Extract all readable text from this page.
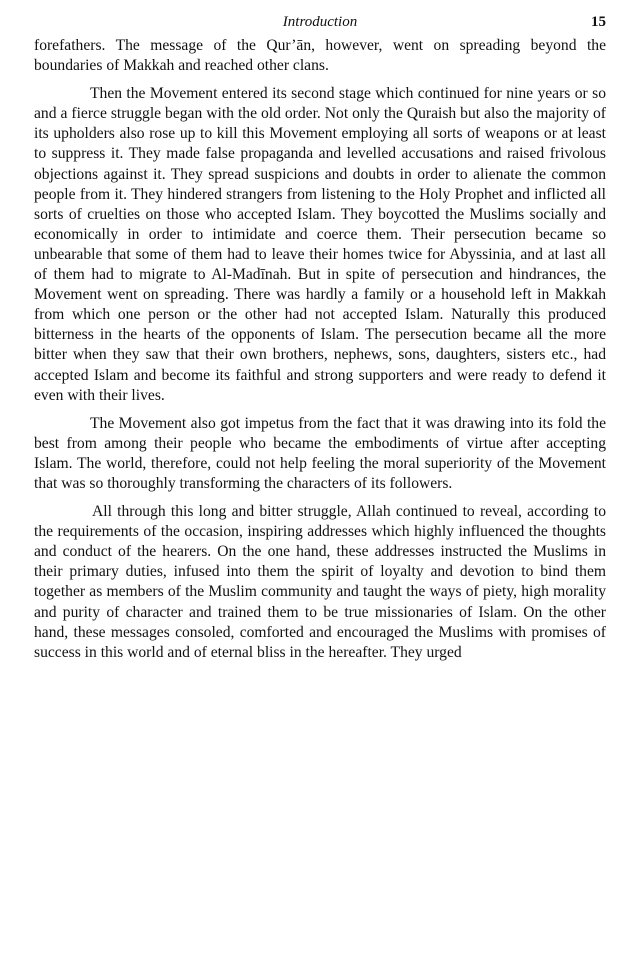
Introduction	15

forefathers. The message of the Qur’ān, however, went on spreading beyond the boundaries of Makkah and reached other clans.

Then the Movement entered its second stage which continued for nine years or so and a fierce struggle began with the old order. Not only the Quraish but also the majority of its upholders also rose up to kill this Movement employing all sorts of weapons or at least to suppress it. They made false propaganda and levelled accusations and raised frivolous objections against it. They spread suspicions and doubts in order to alienate the common people from it. They hindered strangers from listening to the Holy Prophet and inflicted all sorts of cruelties on those who accepted Islam. They boycotted the Muslims socially and economically in order to intimidate and coerce them. Their persecution became so unbearable that some of them had to leave their homes twice for Abyssinia, and at last all of them had to migrate to Al-Madīnah. But in spite of persecution and hindrances, the Movement went on spreading. There was hardly a family or a household left in Makkah from which one person or the other had not accepted Islam. Naturally this produced bitterness in the hearts of the opponents of Islam. The persecution became all the more bitter when they saw that their own brothers, nephews, sons, daughters, sisters etc., had accepted Islam and become its faithful and strong supporters and were ready to defend it even with their lives.

The Movement also got impetus from the fact that it was drawing into its fold the best from among their people who became the embodiments of virtue after accepting Islam. The world, therefore, could not help feeling the moral superiority of the Movement that was so thoroughly transforming the characters of its followers.

All through this long and bitter struggle, Allah continued to reveal, according to the requirements of the occasion, inspiring addresses which highly influenced the thoughts and conduct of the hearers. On the one hand, these addresses instructed the Muslims in their primary duties, infused into them the spirit of loyalty and devotion to bind them together as members of the Muslim community and taught the ways of piety, high morality and purity of character and trained them to be true missionaries of Islam. On the other hand, these messages consoled, comforted and encouraged the Muslims with promises of success in this world and of eternal bliss in the hereafter. They urged
